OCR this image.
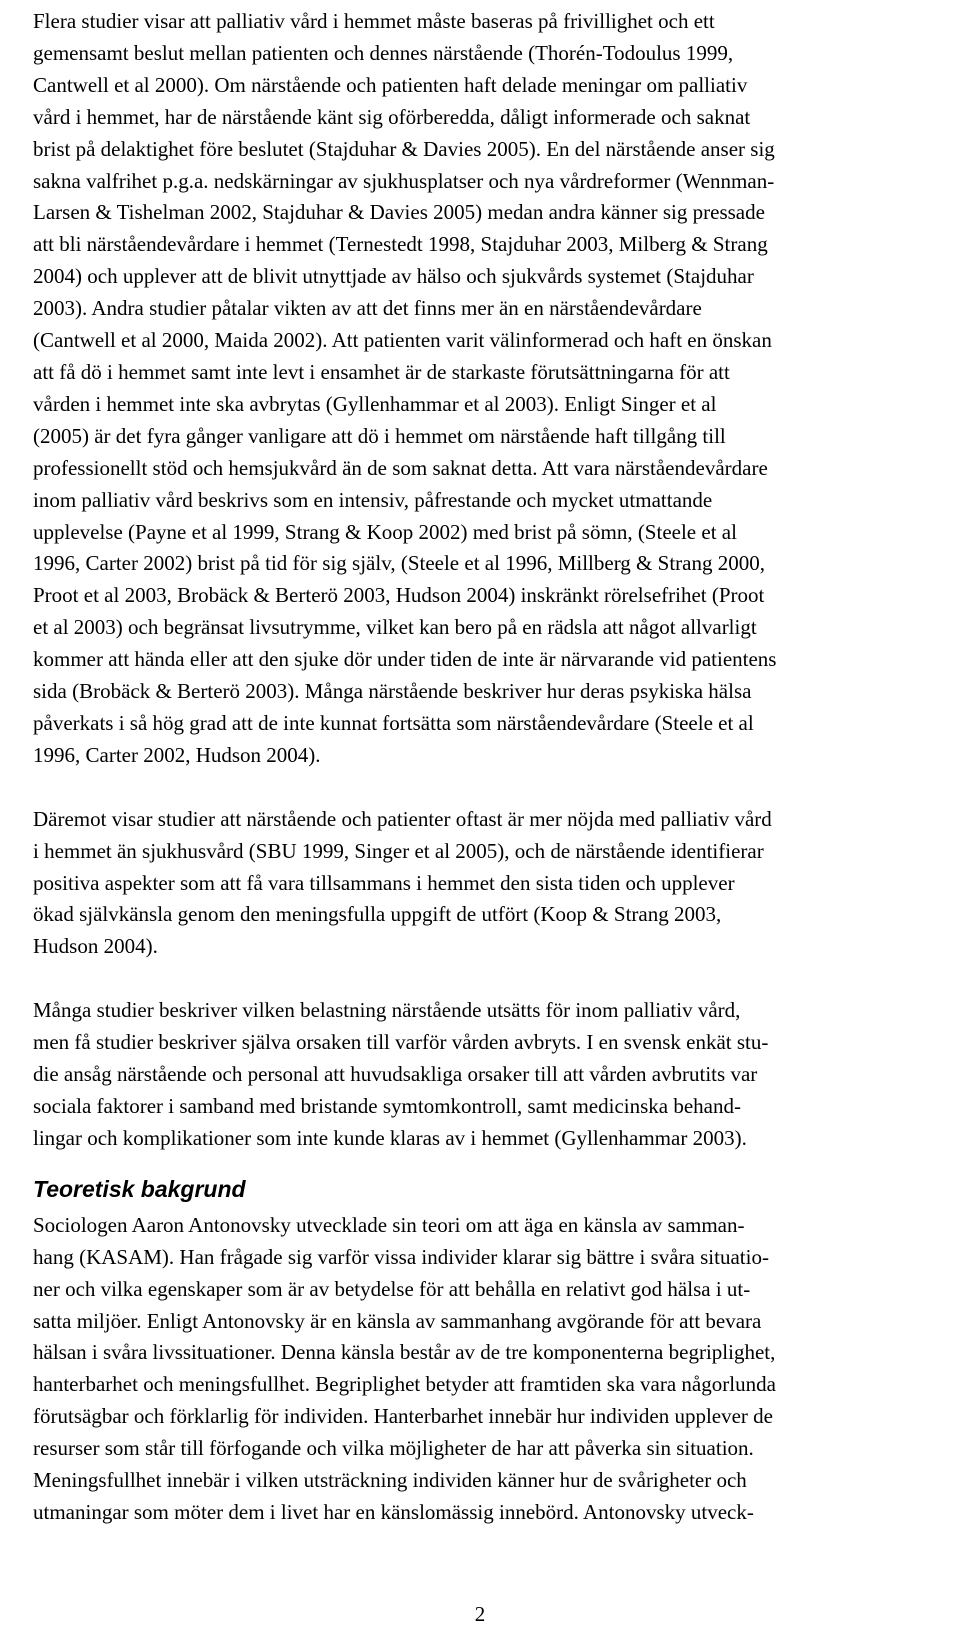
Flera studier visar att palliativ vård i hemmet måste baseras på frivillighet och ett
gemensamt beslut mellan patienten och dennes närstående (Thorén-Todoulus 1999,
Cantwell et al 2000). Om närstående och patienten haft delade meningar om palliativ
vård i hemmet, har de närstående känt sig oförberedda, dåligt informerade och saknat
brist på delaktighet före beslutet (Stajduhar & Davies 2005). En del närstående anser sig
sakna valfrihet p.g.a. nedskärningar av sjukhusplatser och nya vårdreformer (Wennman-
Larsen & Tishelman 2002, Stajduhar & Davies 2005) medan andra känner sig pressade
att bli närståendevårdare i hemmet (Ternestedt 1998, Stajduhar 2003, Milberg & Strang
2004) och upplever att de blivit utnyttjade av hälso och sjukvårds systemet (Stajduhar
2003). Andra studier påtalar vikten av att det finns mer än en närståendevårdare
(Cantwell et al 2000, Maida 2002). Att patienten varit välinformerad och haft en önskan
att få dö i hemmet samt inte levt i ensamhet är de starkaste förutsättningarna för att
vården i hemmet inte ska avbrytas (Gyllenhammar et al 2003). Enligt Singer et al
(2005) är det fyra gånger vanligare att dö i hemmet om närstående haft tillgång till
professionellt stöd och hemsjukvård än de som saknat detta. Att vara närståendevårdare
inom palliativ vård beskrivs som en intensiv, påfrestande och mycket utmattande
upplevelse (Payne et al 1999, Strang & Koop 2002) med brist på sömn, (Steele et al
1996, Carter 2002) brist på tid för sig själv, (Steele et al 1996, Millberg & Strang 2000,
Proot et al 2003, Brobäck & Berterö 2003, Hudson 2004) inskränkt rörelsefrihet (Proot
et al 2003) och begränsat livsutrymme, vilket kan bero på en rädsla att något allvarligt
kommer att hända eller att den sjuke dör under tiden de inte är närvarande vid patientens
sida (Brobäck & Berterö 2003). Många närstående beskriver hur deras psykiska hälsa
påverkats i så hög grad att de inte kunnat fortsätta som närståendevårdare (Steele et al
1996, Carter 2002, Hudson 2004).
Däremot visar studier att närstående och patienter oftast är mer nöjda med palliativ vård
i hemmet än sjukhusvård (SBU 1999, Singer et al 2005), och de närstående identifierar
positiva aspekter som att få vara tillsammans i hemmet den sista tiden och upplever
ökad självkänsla genom den meningsfulla uppgift de utfört (Koop & Strang 2003,
Hudson 2004).
Många studier beskriver vilken belastning närstående utsätts för inom palliativ vård,
men få studier beskriver själva orsaken till varför vården avbryts. I en svensk enkät stu-
die ansåg närstående och personal att huvudsakliga orsaker till att vården avbrutits var
sociala faktorer i samband med bristande symtomkontroll, samt medicinska behand-
lingar och komplikationer som inte kunde klaras av i hemmet (Gyllenhammar 2003).
Teoretisk bakgrund
Sociologen Aaron Antonovsky utvecklade sin teori om att äga en känsla av samman-
hang (KASAM). Han frågade sig varför vissa individer klarar sig bättre i svåra situatio-
ner och vilka egenskaper som är av betydelse för att behålla en relativt god hälsa i ut-
satta miljöer. Enligt Antonovsky är en känsla av sammanhang avgörande för att bevara
hälsan i svåra livssituationer. Denna känsla består av de tre komponenterna begriplighet,
hanterbarhet och meningsfullhet. Begriplighet betyder att framtiden ska vara någorlunda
förutsägbar och förklarlig för individen. Hanterbarhet innebär hur individen upplever de
resurser som står till förfogande och vilka möjligheter de har att påverka sin situation.
Meningsfullhet innebär i vilken utsträckning individen känner hur de svårigheter och
utmaningar som möter dem i livet har en känslomässig innebörd. Antonovsky utveck-
2
